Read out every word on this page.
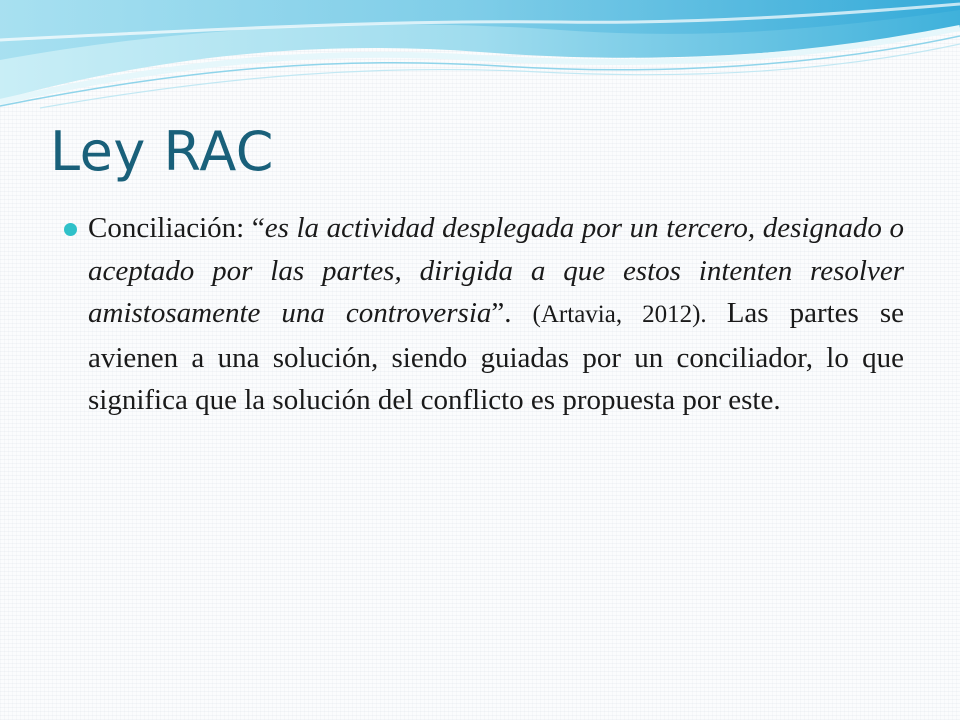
Ley RAC

Conciliación: “es la actividad desplegada por un tercero, designado o aceptado por las partes, dirigida a que estos intenten resolver amistosamente una controversia”. (Artavia, 2012). Las partes se avienen a una solución, siendo guiadas por un conciliador, lo que significa que la solución del conflicto es propuesta por este.
